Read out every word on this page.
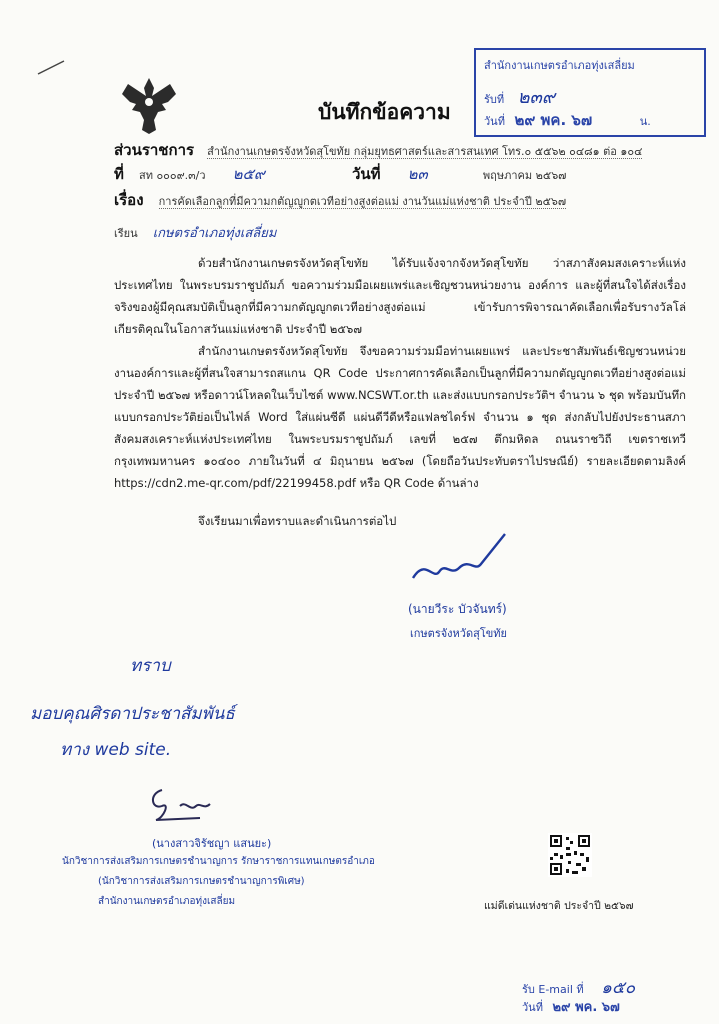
สำนักงานเกษตรอำเภอทุ่งเสลี่ยม
รับที่ ๒๓๙
วันที่ ๒๙ พค. ๖๗	น.
บันทึกข้อความ
ส่วนราชการ สำนักงานเกษตรจังหวัดสุโขทัย กลุ่มยุทธศาสตร์และสารสนเทศ โทร.๐ ๕๕๖๒ ๐๔๘๑ ต่อ ๑๐๔
ที่ สท ๐๐๐๙.๓/ว ๒๕๙	วันที่ ๒๓	พฤษภาคม ๒๕๖๗
เรื่อง การคัดเลือกลูกที่มีความกตัญญูกตเวทีอย่างสูงต่อแม่ งานวันแม่แห่งชาติ ประจำปี ๒๕๖๗
เรียน เกษตรอำเภอทุ่งเสลี่ยม
ด้วยสำนักงานเกษตรจังหวัดสุโขทัย ได้รับแจ้งจากจังหวัดสุโขทัย ว่าสภาสังคมสงเคราะห์แห่งประเทศไทย ในพระบรมราชูปถัมภ์ ขอความร่วมมือเผยแพร่และเชิญชวนหน่วยงาน องค์การ และผู้ที่สนใจได้ส่งเรื่องจริงของผู้มีคุณสมบัติเป็นลูกที่มีความกตัญญูกตเวทีอย่างสูงต่อแม่ เข้ารับการพิจารณาคัดเลือกเพื่อรับรางวัลโล่เกียรติคุณในโอกาสวันแม่แห่งชาติ ประจำปี ๒๕๖๗
สำนักงานเกษตรจังหวัดสุโขทัย จึงขอความร่วมมือท่านเผยแพร่ และประชาสัมพันธ์เชิญชวนหน่วยงานองค์การและผู้ที่สนใจสามารถสแกน QR Code ประกาศการคัดเลือกเป็นลูกที่มีความกตัญญูกตเวทีอย่างสูงต่อแม่ ประจำปี ๒๕๖๗ หรือดาวน์โหลดในเว็บไซต์ www.NCSWT.or.th และส่งแบบกรอกประวัติฯ จำนวน ๖ ชุด พร้อมบันทึกแบบกรอกประวัติย่อเป็นไฟล์ Word ใส่แผ่นซีดี แผ่นดีวีดีหรือแฟลชไดร์ฟ จำนวน ๑ ชุด ส่งกลับไปยังประธานสภาสังคมสงเคราะห์แห่งประเทศไทย ในพระบรมราชูปถัมภ์ เลขที่ ๒๕๗ ตึกมหิดล ถนนราชวิถี เขตราชเทวี กรุงเทพมหานคร ๑๐๔๐๐ ภายในวันที่ ๔ มิถุนายน ๒๕๖๗ (โดยถือวันประทับตราไปรษณีย์) รายละเอียดตามลิงค์ https://cdn2.me-qr.com/pdf/22199458.pdf หรือ QR Code ด้านล่าง
จึงเรียนมาเพื่อทราบและดำเนินการต่อไป
(นายวีระ บัวจันทร์)
เกษตรจังหวัดสุโขทัย
ทราบ
มอบคุณศิรดาประชาสัมพันธ์
ทาง web site.
(นางสาวจิรัชญา แสนยะ)
นักวิชาการส่งเสริมการเกษตรชำนาญการ รักษาราชการแทนเกษตรอำเภอ
(นักวิชาการส่งเสริมการเกษตรชำนาญการพิเศษ)
สำนักงานเกษตรอำเภอทุ่งเสลี่ยม	แม่ดีเด่นแห่งชาติ ประจำปี ๒๕๖๗
รับ E-mail ที่ ๑๕๐
วันที่ ๒๙ พค. ๖๗
